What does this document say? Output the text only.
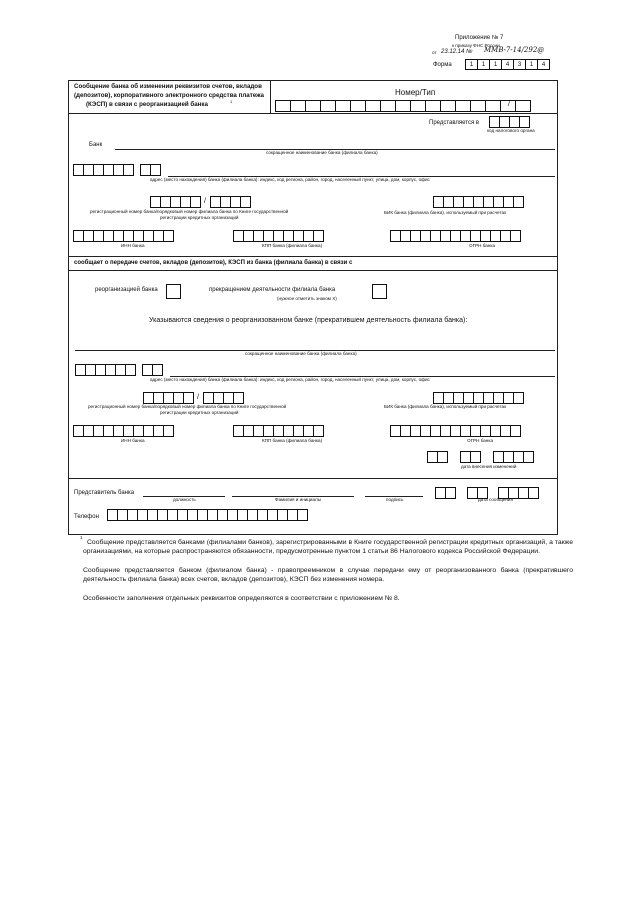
Приложение № 7
к приказу ФНС России
от 23.12.14 № ММВ-7-14/292@
Форма	1	1	1	4	3	1	4
Сообщение банка об изменении реквизитов счетов, вкладов
(депозитов), корпоративного электронного средства платежа
(КЭСП) в связи с реорганизацией банка	1
Номер/Тип
/
Представляется в
код налогового органа
Банк
сокращенное наименование банка (филиала банка)
адрес (место нахождения) банка (филиала банка): индекс, код региона, район, город, населенный пункт, улица, дом, корпус, офис
/
регистрационный номер банка/порядковый номер филиала банка по Книге государственной
регистрации кредитных организаций
БИК банка (филиала банка), используемый при расчетах
ИНН банка	КПП банка (филиала банка)	ОГРН банка
сообщает о передаче счетов, вкладов (депозитов), КЭСП из банка (филиала банка) в связи с
реорганизацией банка	прекращением деятельности филиала банка
(нужное отметить знаком X)
Указываются сведения о реорганизованном банке (прекратившем деятельность филиала банка):
сокращенное наименование банка (филиала банка)
адрес (место нахождения) банка (филиала банка): индекс, код региона, район, город, населенный пункт, улица, дом, корпус, офис
/
регистрационный номер банка/порядковый номер филиала банка по Книге государственной
регистрации кредитных организаций
БИК банка (филиала банка), используемый при расчетах
ИНН банка	КПП банка (филиала банка)	ОГРН банка
дата внесения изменений
Представитель банка
должность	Фамилия и инициалы	подпись	дата сообщения
Телефон
1
Сообщение представляется банками (филиалами банков), зарегистрированными в Книге государственной регистрации кредитных организаций, а также организациями, на которые распространяются обязанности, предусмотренные пунктом 1 статьи 86 Налогового кодекса Российской Федерации.
Сообщение представляется банком (филиалом банка) - правопреемником в случае передачи ему от реорганизованного банка (прекратившего деятельность филиала банка) всех счетов, вкладов (депозитов), КЭСП без изменения номера.
Особенности заполнения отдельных реквизитов определяются в соответствии с приложением № 8.
